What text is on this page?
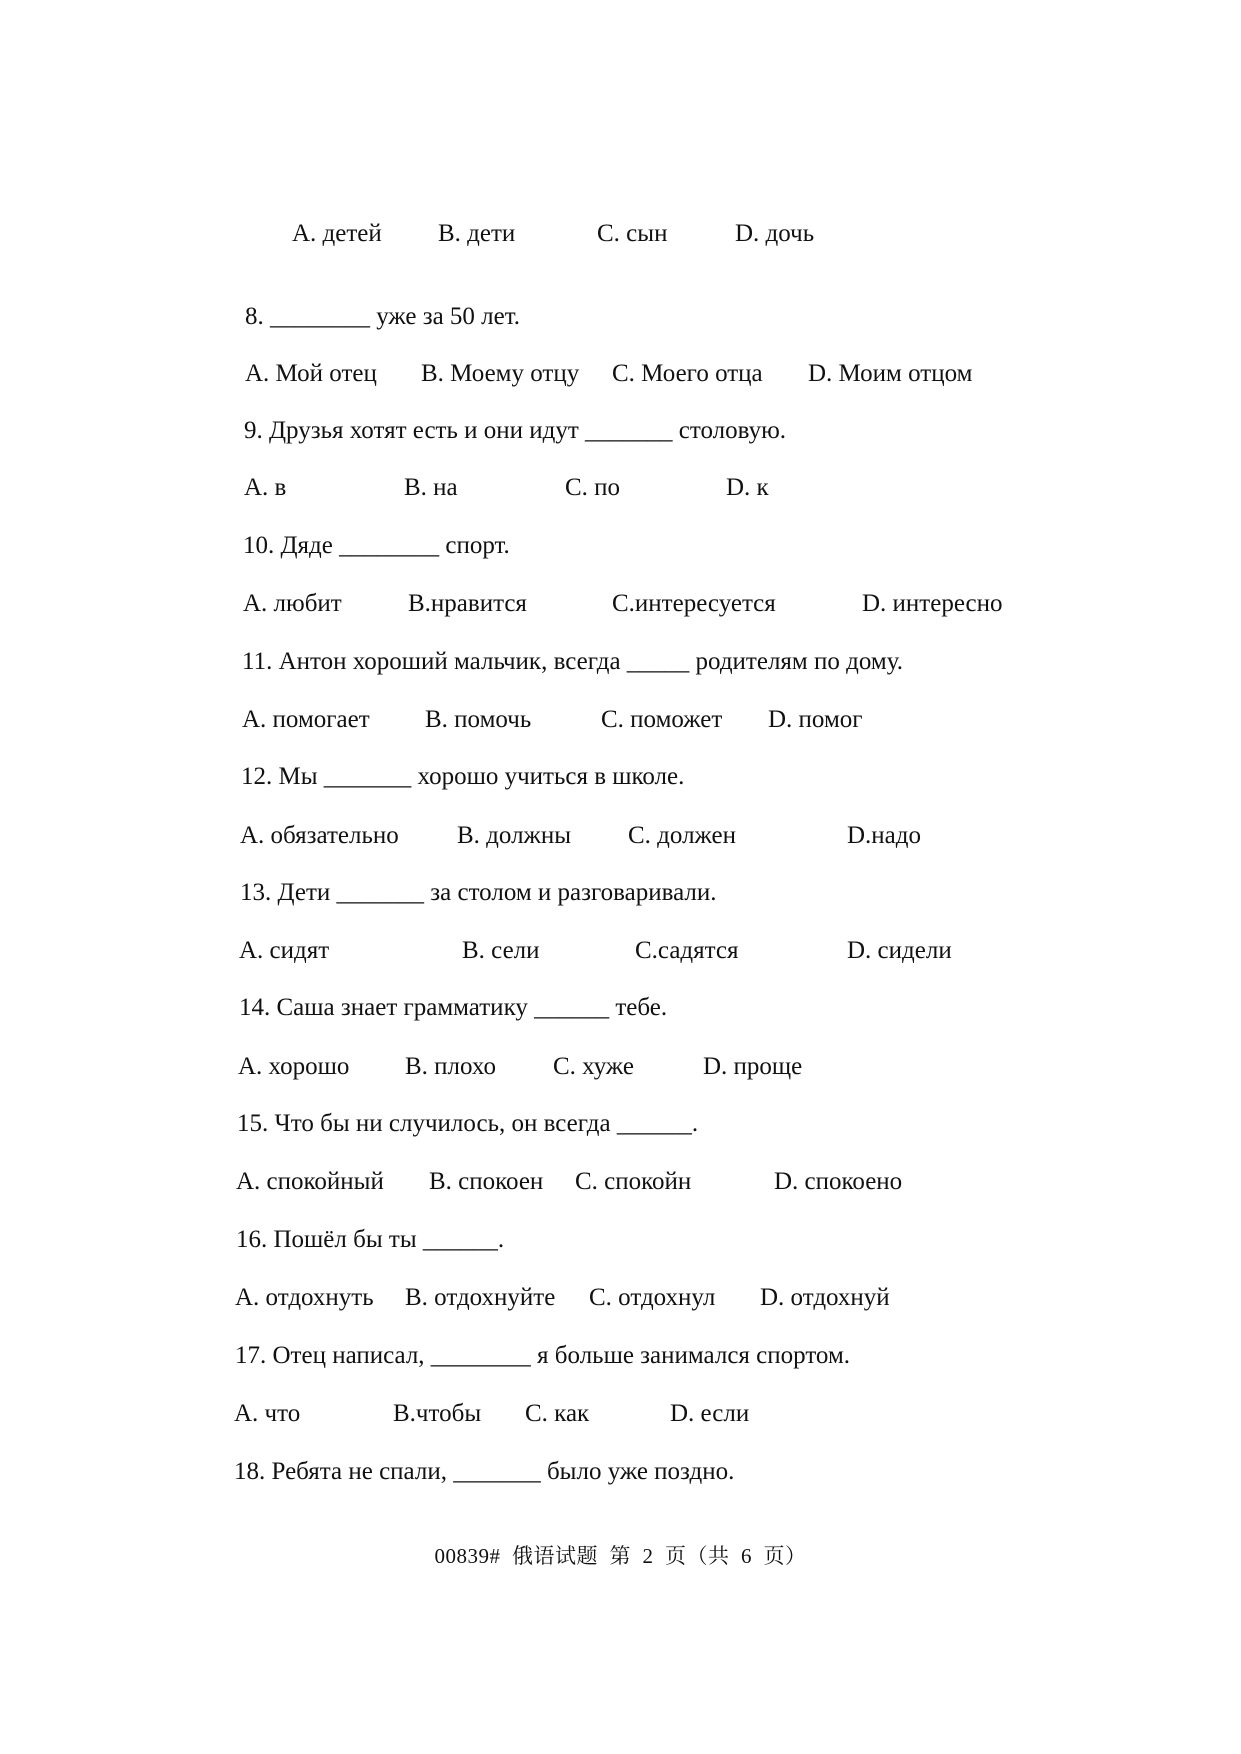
A. детей B. дети	C. сын	D. дочь
8. ________ уже за 50 лет.
A. Мой отец B. Моему отцу C. Моего отца D. Моим отцом
9. Друзья хотят есть и они идут _______ столовую.
A. в	B. на	C. по	D. к
10. Дяде ________ спорт.
A. любит	B.нравится	C.интересуется	D. интересно
11. Антон хороший мальчик, всегда _____ родителям по дому.
A. помогает B. помочь	C. поможет D. помог
12. Мы _______ хорошо учиться в школе.
A. обязательно B. должны C. должен	D.надо
13. Дети _______ за столом и разговаривали.
A. сидят	B. сели	C.садятся	D. сидели
14. Саша знает грамматику ______ тебе.
A. хорошо B. плохо C. хуже	D. проще
15. Что бы ни случилось, он всегда ______.
A. спокойный B. спокоен C. спокойн	D. спокоено
16. Пошёл бы ты ______.
A. отдохнуть B. отдохнуйте C. отдохнул D. отдохнуй
17. Отец написал, ________ я больше занимался спортом.
A. что	B.чтобы C. как	D. если
18. Ребята не спали, _______ было уже поздно.
00839#  俄语试题  第  2  页（共  6  页）
